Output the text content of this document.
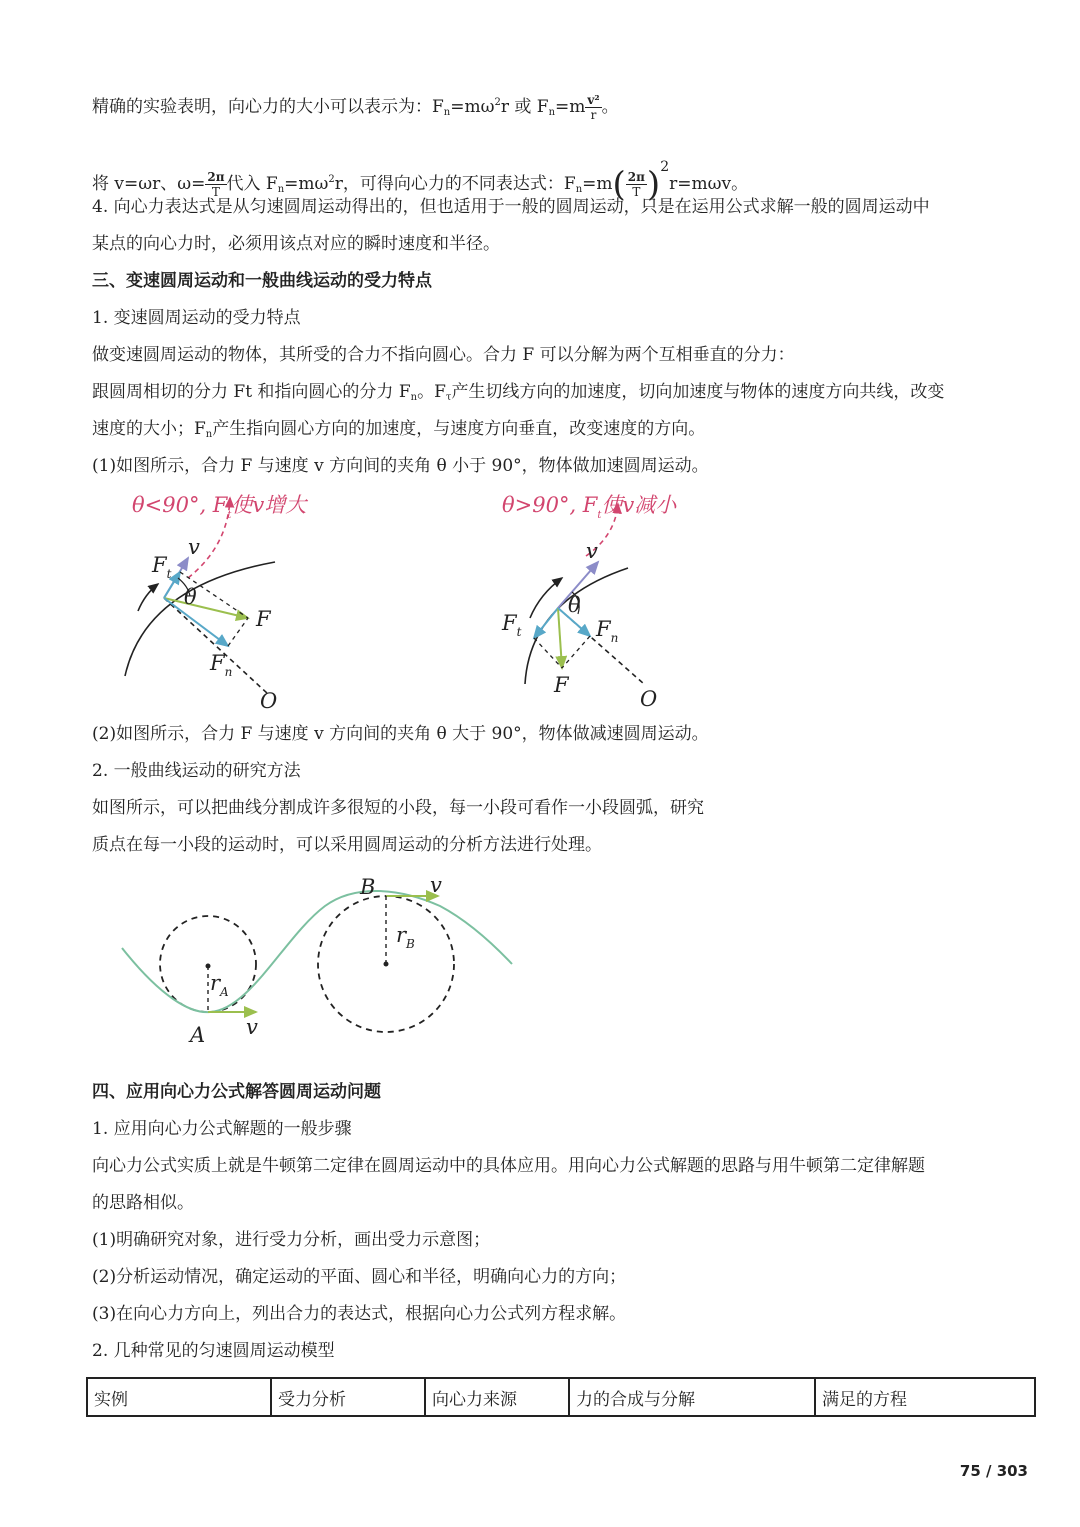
精确的实验表明，向心力的大小可以表示为：$F_n=m\omega^2r$ 或 $F_n=m \frac{\text{v²}}{r}$ 。
将 v=ωr、$\omega= \frac{2\pi}{T}$ 代入 $F_n=m\omega^2r$，可得向心力的不同表达式：$F_n=m( \frac{2\pi}{T} )^2r=m\omega v$。
4. 向心力表达式是从匀速圆周运动得出的，但也适用于一般的圆周运动，只是在运用公式求解一般的圆周运动中
某点的向心力时，必须用该点对应的瞬时速度和半径。
三、变速圆周运动和一般曲线运动的受力特点
1. 变速圆周运动的受力特点
做变速圆周运动的物体，其所受的合力不指向圆心。合力 F 可以分解为两个互相垂直的分力：
跟圆周相切的分力 Ft 和指向圆心的分力 $F_n$。$F_\tau$产生切线方向的加速度，切向加速度与物体的速度方向共线，改变
速度的大小；$F_n$产生指向圆心方向的加速度，与速度方向垂直，改变速度的方向。
(1)如图所示，合力 F 与速度 v 方向间的夹角 θ 小于 90°，物体做加速圆周运动。
θ<90°, $F_t$使v增大
v
$F_t$
θ
F
$F_n$
O
θ>90°, $F_t$使v减小
v
θ
$F_t$	$F_n$
F
O
(2)如图所示，合力 F 与速度 v 方向间的夹角 θ 大于 90°，物体做减速圆周运动。
2. 一般曲线运动的研究方法
如图所示，可以把曲线分割成许多很短的小段，每一小段可看作一小段圆弧，研究
质点在每一小段的运动时，可以采用圆周运动的分析方法进行处理。
A
B
v
v
$r_A$
$r_B$
四、应用向心力公式解答圆周运动问题
1. 应用向心力公式解题的一般步骤
向心力公式实质上就是牛顿第二定律在圆周运动中的具体应用。用向心力公式解题的思路与用牛顿第二定律解题
的思路相似。
(1)明确研究对象，进行受力分析，画出受力示意图；
(2)分析运动情况，确定运动的平面、圆心和半径，明确向心力的方向；
(3)在向心力方向上，列出合力的表达式，根据向心力公式列方程求解。
2. 几种常见的匀速圆周运动模型
实例	受力分析	向心力来源	力的合成与分解	满足的方程
75 / 303
